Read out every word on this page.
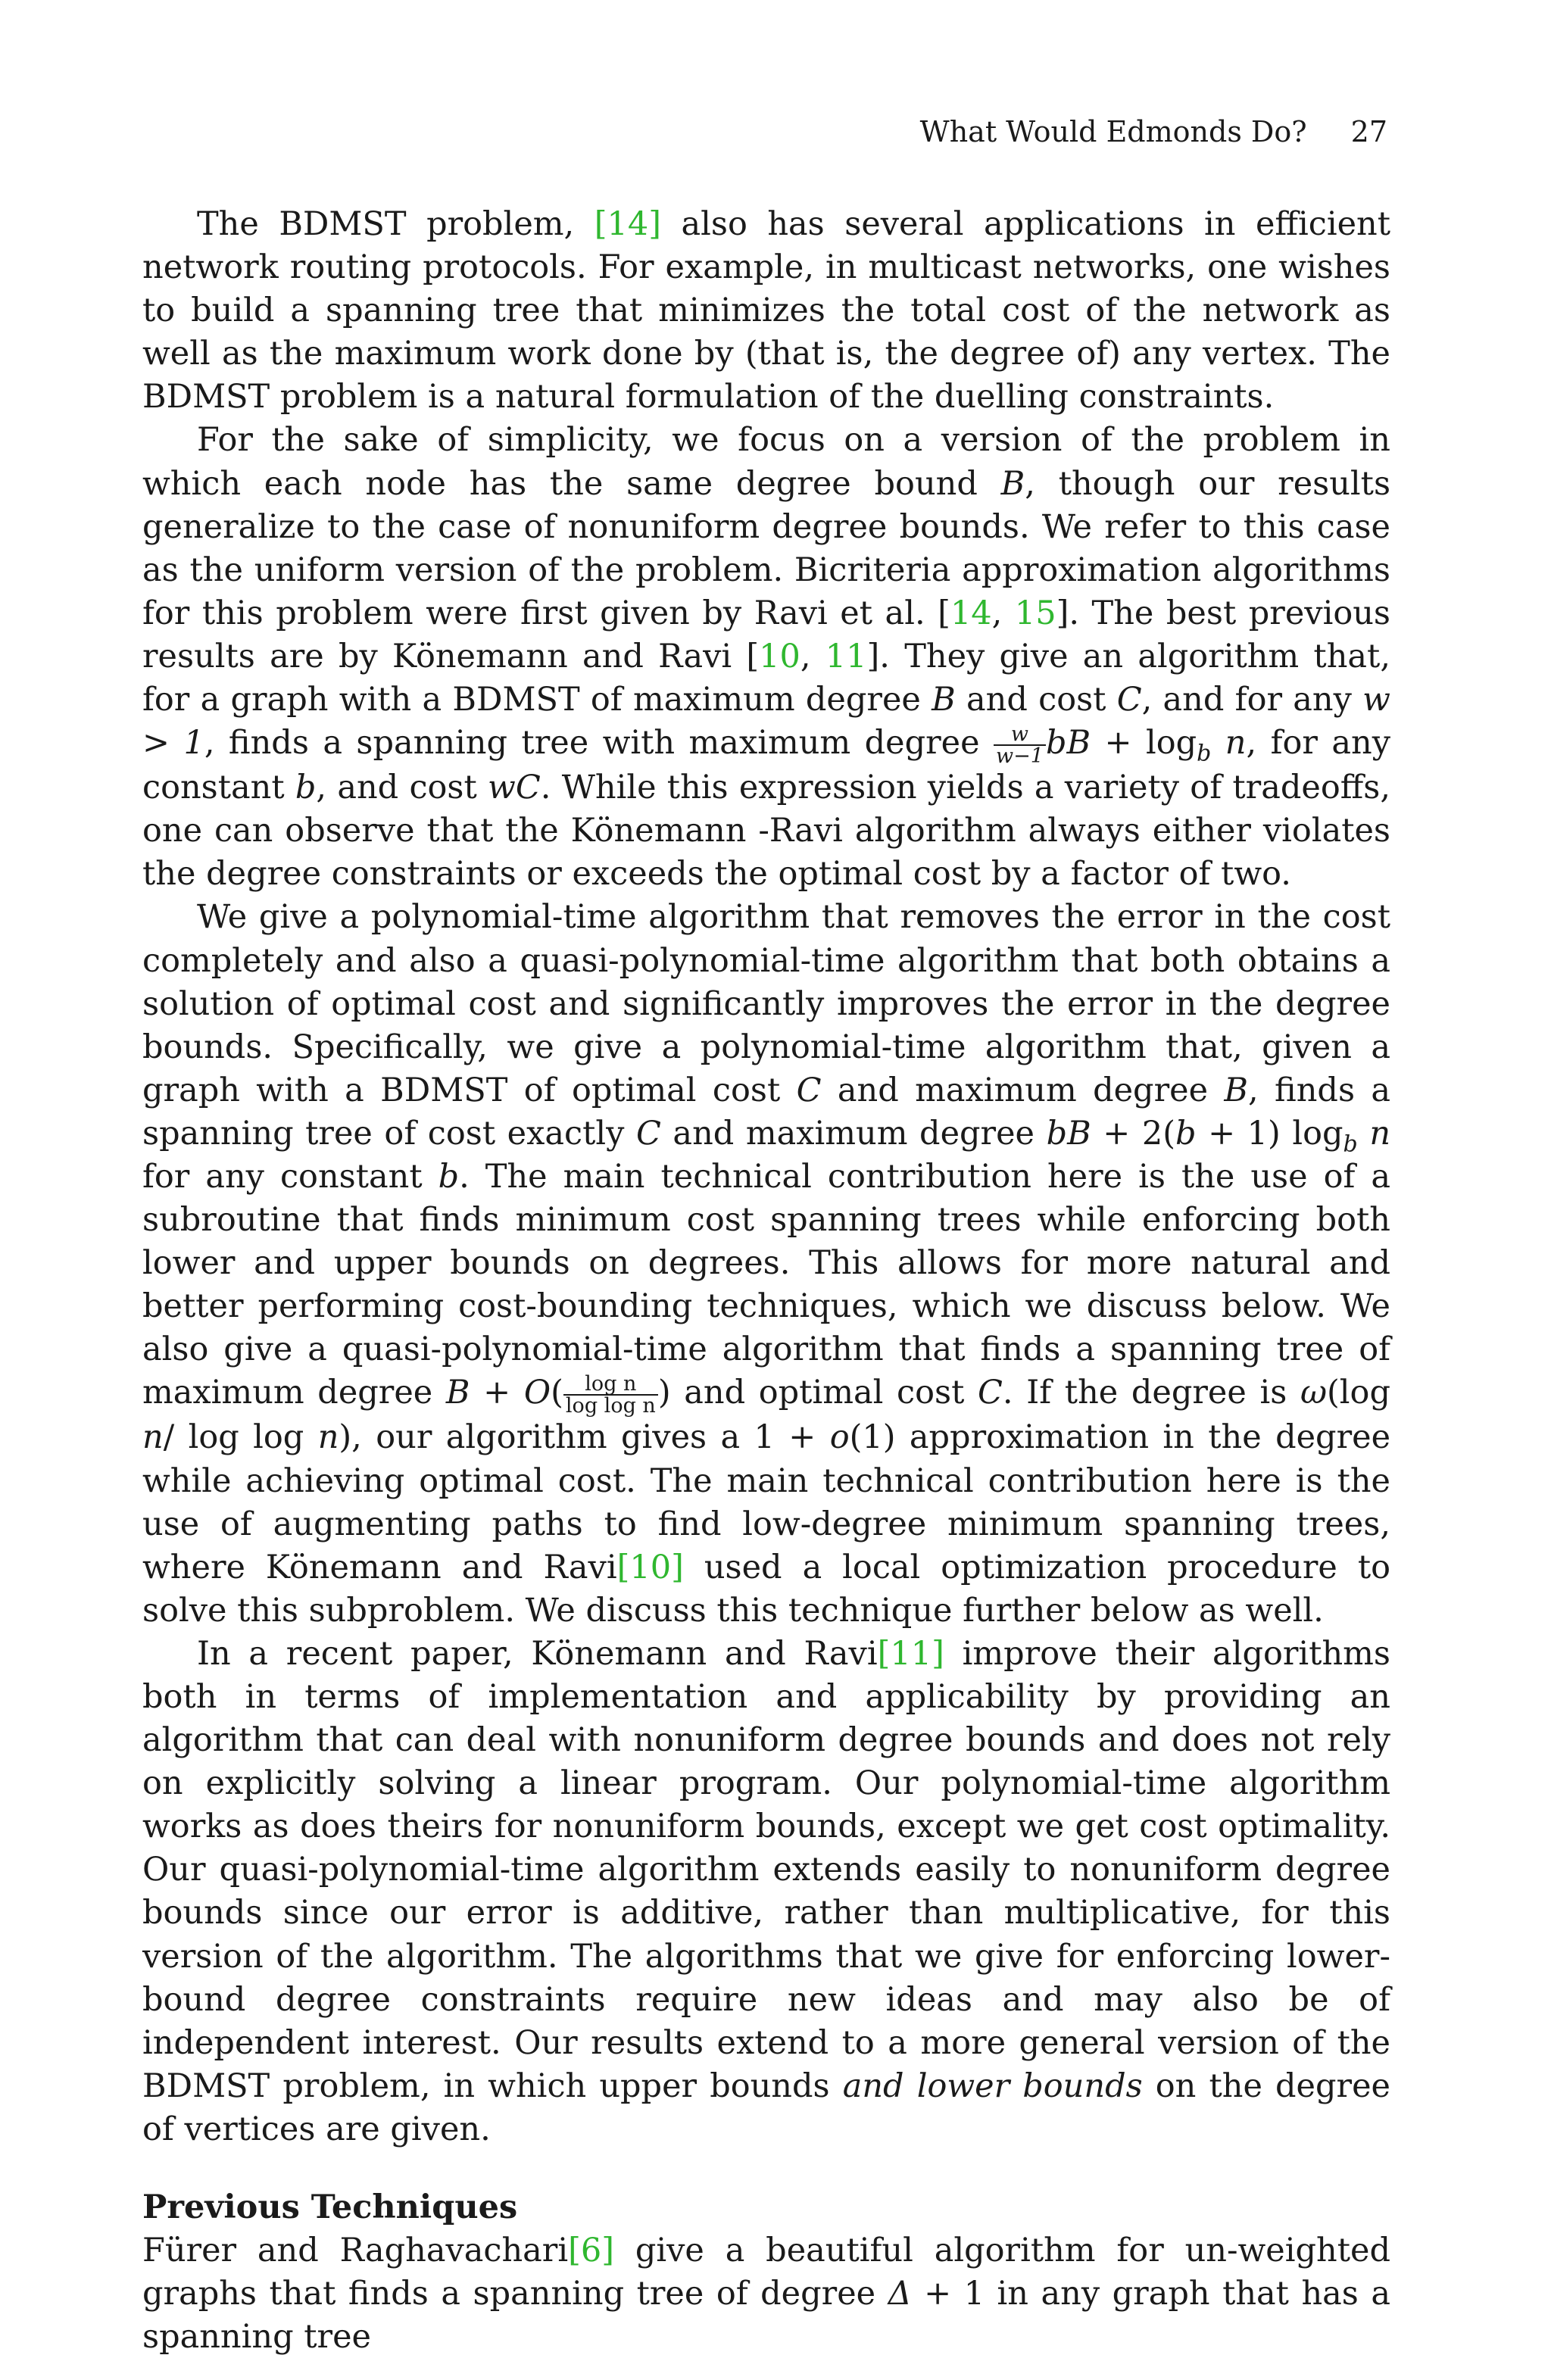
What Would Edmonds Do? 27

The BDMST problem, [14] also has several applications in efficient network routing protocols. For example, in multicast networks, one wishes to build a spanning tree that minimizes the total cost of the network as well as the maximum work done by (that is, the degree of) any vertex. The BDMST problem is a natural formulation of the duelling constraints.

For the sake of simplicity, we focus on a version of the problem in which each node has the same degree bound B, though our results generalize to the case of nonuniform degree bounds. We refer to this case as the uniform version of the problem. Bicriteria approximation algorithms for this problem were first given by Ravi et al. [14, 15]. The best previous results are by Könemann and Ravi [10, 11]. They give an algorithm that, for a graph with a BDMST of maximum degree B and cost C, and for any w > 1, finds a spanning tree with maximum degree $\frac{w}{w-1}$ bB + $\log_b n$, for any constant b, and cost wC. While this expression yields a variety of tradeoffs, one can observe that the Könemann -Ravi algorithm always either violates the degree constraints or exceeds the optimal cost by a factor of two.

We give a polynomial-time algorithm that removes the error in the cost completely and also a quasi-polynomial-time algorithm that both obtains a solution of optimal cost and significantly improves the error in the degree bounds. Specifically, we give a polynomial-time algorithm that, given a graph with a BDMST of optimal cost C and maximum degree B, finds a spanning tree of cost exactly C and maximum degree bB + 2(b + 1) $\log_b n$ for any constant b. The main technical contribution here is the use of a subroutine that finds minimum cost spanning trees while enforcing both lower and upper bounds on degrees. This allows for more natural and better performing cost-bounding techniques, which we discuss below. We also give a quasi-polynomial-time algorithm that finds a spanning tree of maximum degree $B + O( \frac{\text{log n}}{\text{log log n}}$ ) and optimal cost C. If the degree is ω(log n/ log log n), our algorithm gives a 1 + o(1) approximation in the degree while achieving optimal cost. The main technical contribution here is the use of augmenting paths to find low-degree minimum spanning trees, where Könemann and Ravi[10] used a local optimization procedure to solve this subproblem. We discuss this technique further below as well.

In a recent paper, Könemann and Ravi[11] improve their algorithms both in terms of implementation and applicability by providing an algorithm that can deal with nonuniform degree bounds and does not rely on explicitly solving a linear program. Our polynomial-time algorithm works as does theirs for nonuniform bounds, except we get cost optimality. Our quasi-polynomial-time algorithm extends easily to nonuniform degree bounds since our error is additive, rather than multiplicative, for this version of the algorithm. The algorithms that we give for enforcing lower-bound degree constraints require new ideas and may also be of independent interest. Our results extend to a more general version of the BDMST problem, in which upper bounds and lower bounds on the degree of vertices are given.

Previous Techniques

Fürer and Raghavachari[6] give a beautiful algorithm for un-weighted graphs that finds a spanning tree of degree Δ + 1 in any graph that has a spanning tree
